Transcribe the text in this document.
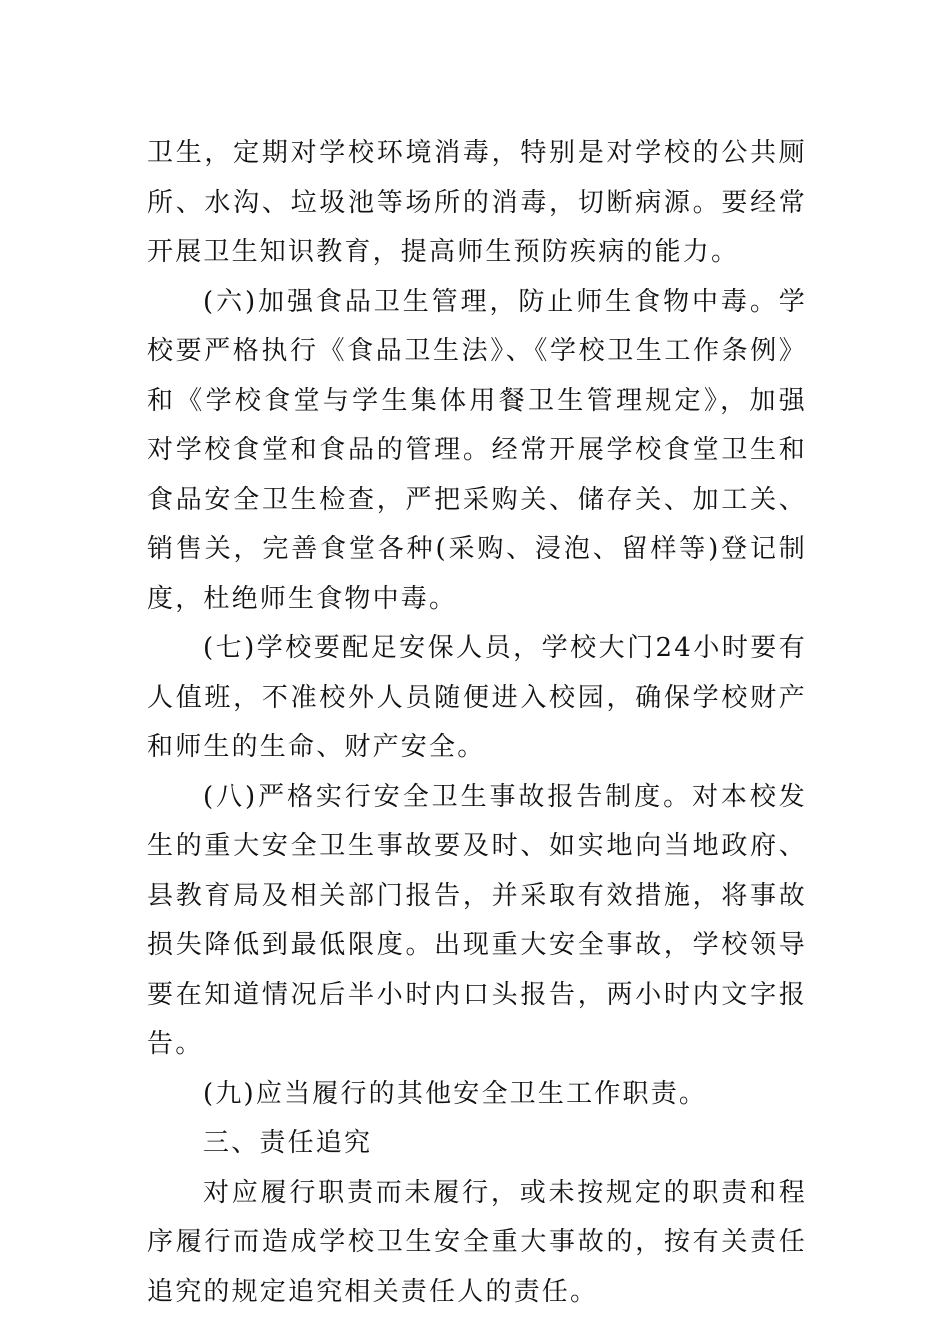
卫生，定期对学校环境消毒，特别是对学校的公共厕所、水沟、垃圾池等场所的消毒，切断病源。要经常开展卫生知识教育，提高师生预防疾病的能力。

(六)加强食品卫生管理，防止师生食物中毒。学校要严格执行《食品卫生法》、《学校卫生工作条例》和《学校食堂与学生集体用餐卫生管理规定》，加强对学校食堂和食品的管理。经常开展学校食堂卫生和食品安全卫生检查，严把采购关、储存关、加工关、销售关，完善食堂各种(采购、浸泡、留样等)登记制度，杜绝师生食物中毒。

(七)学校要配足安保人员，学校大门24小时要有人值班，不准校外人员随便进入校园，确保学校财产和师生的生命、财产安全。

(八)严格实行安全卫生事故报告制度。对本校发生的重大安全卫生事故要及时、如实地向当地政府、县教育局及相关部门报告，并采取有效措施，将事故损失降低到最低限度。出现重大安全事故，学校领导要在知道情况后半小时内口头报告，两小时内文字报告。

(九)应当履行的其他安全卫生工作职责。

三、责任追究

对应履行职责而未履行，或未按规定的职责和程序履行而造成学校卫生安全重大事故的，按有关责任追究的规定追究相关责任人的责任。
